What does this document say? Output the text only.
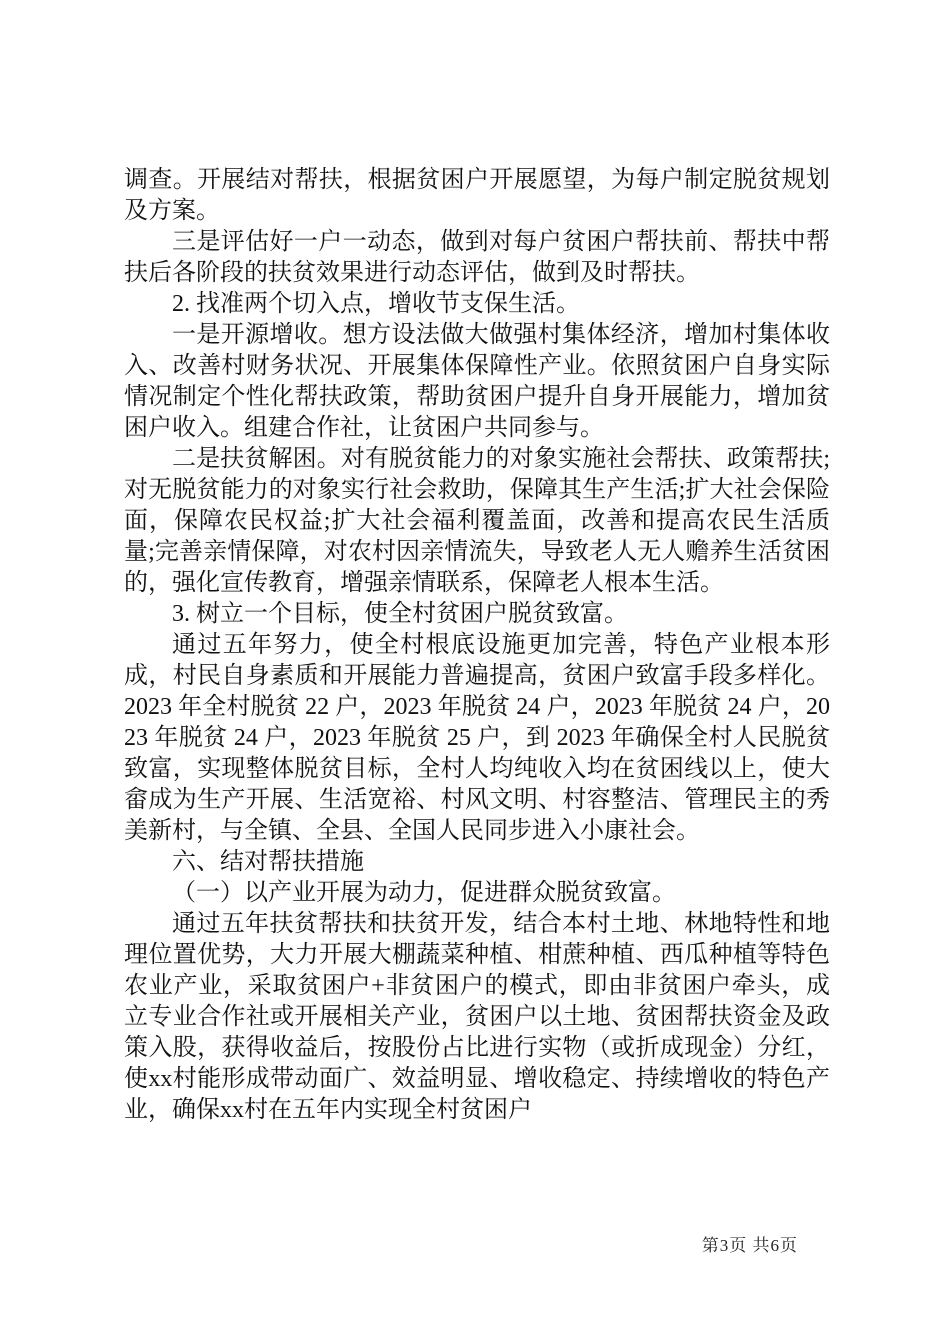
调查。开展结对帮扶，根据贫困户开展愿望，为每户制定脱贫规划及方案。

三是评估好一户一动态，做到对每户贫困户帮扶前、帮扶中帮扶后各阶段的扶贫效果进行动态评估，做到及时帮扶。

2. 找准两个切入点，增收节支保生活。

一是开源增收。想方设法做大做强村集体经济，增加村集体收入、改善村财务状况、开展集体保障性产业。依照贫困户自身实际情况制定个性化帮扶政策，帮助贫困户提升自身开展能力，增加贫困户收入。组建合作社，让贫困户共同参与。

二是扶贫解困。对有脱贫能力的对象实施社会帮扶、政策帮扶;对无脱贫能力的对象实行社会救助，保障其生产生活;扩大社会保险面，保障农民权益;扩大社会福利覆盖面，改善和提高农民生活质量;完善亲情保障，对农村因亲情流失，导致老人无人赡养生活贫困的，强化宣传教育，增强亲情联系，保障老人根本生活。

3. 树立一个目标，使全村贫困户脱贫致富。

通过五年努力，使全村根底设施更加完善，特色产业根本形成，村民自身素质和开展能力普遍提高，贫困户致富手段多样化。2023 年全村脱贫 22 户，2023 年脱贫 24 户，2023 年脱贫 24 户，2023 年脱贫 24 户，2023 年脱贫 25 户，到 2023 年确保全村人民脱贫致富，实现整体脱贫目标，全村人均纯收入均在贫困线以上，使大畲成为生产开展、生活宽裕、村风文明、村容整洁、管理民主的秀美新村，与全镇、全县、全国人民同步进入小康社会。

六、结对帮扶措施

（一）以产业开展为动力，促进群众脱贫致富。

通过五年扶贫帮扶和扶贫开发，结合本村土地、林地特性和地理位置优势，大力开展大棚蔬菜种植、柑蔗种植、西瓜种植等特色农业产业，采取贫困户+非贫困户的模式，即由非贫困户牵头，成立专业合作社或开展相关产业，贫困户以土地、贫困帮扶资金及政策入股，获得收益后，按股份占比进行实物（或折成现金）分红，使xx村能形成带动面广、效益明显、增收稳定、持续增收的特色产业，确保xx村在五年内实现全村贫困户

第3页 共6页
